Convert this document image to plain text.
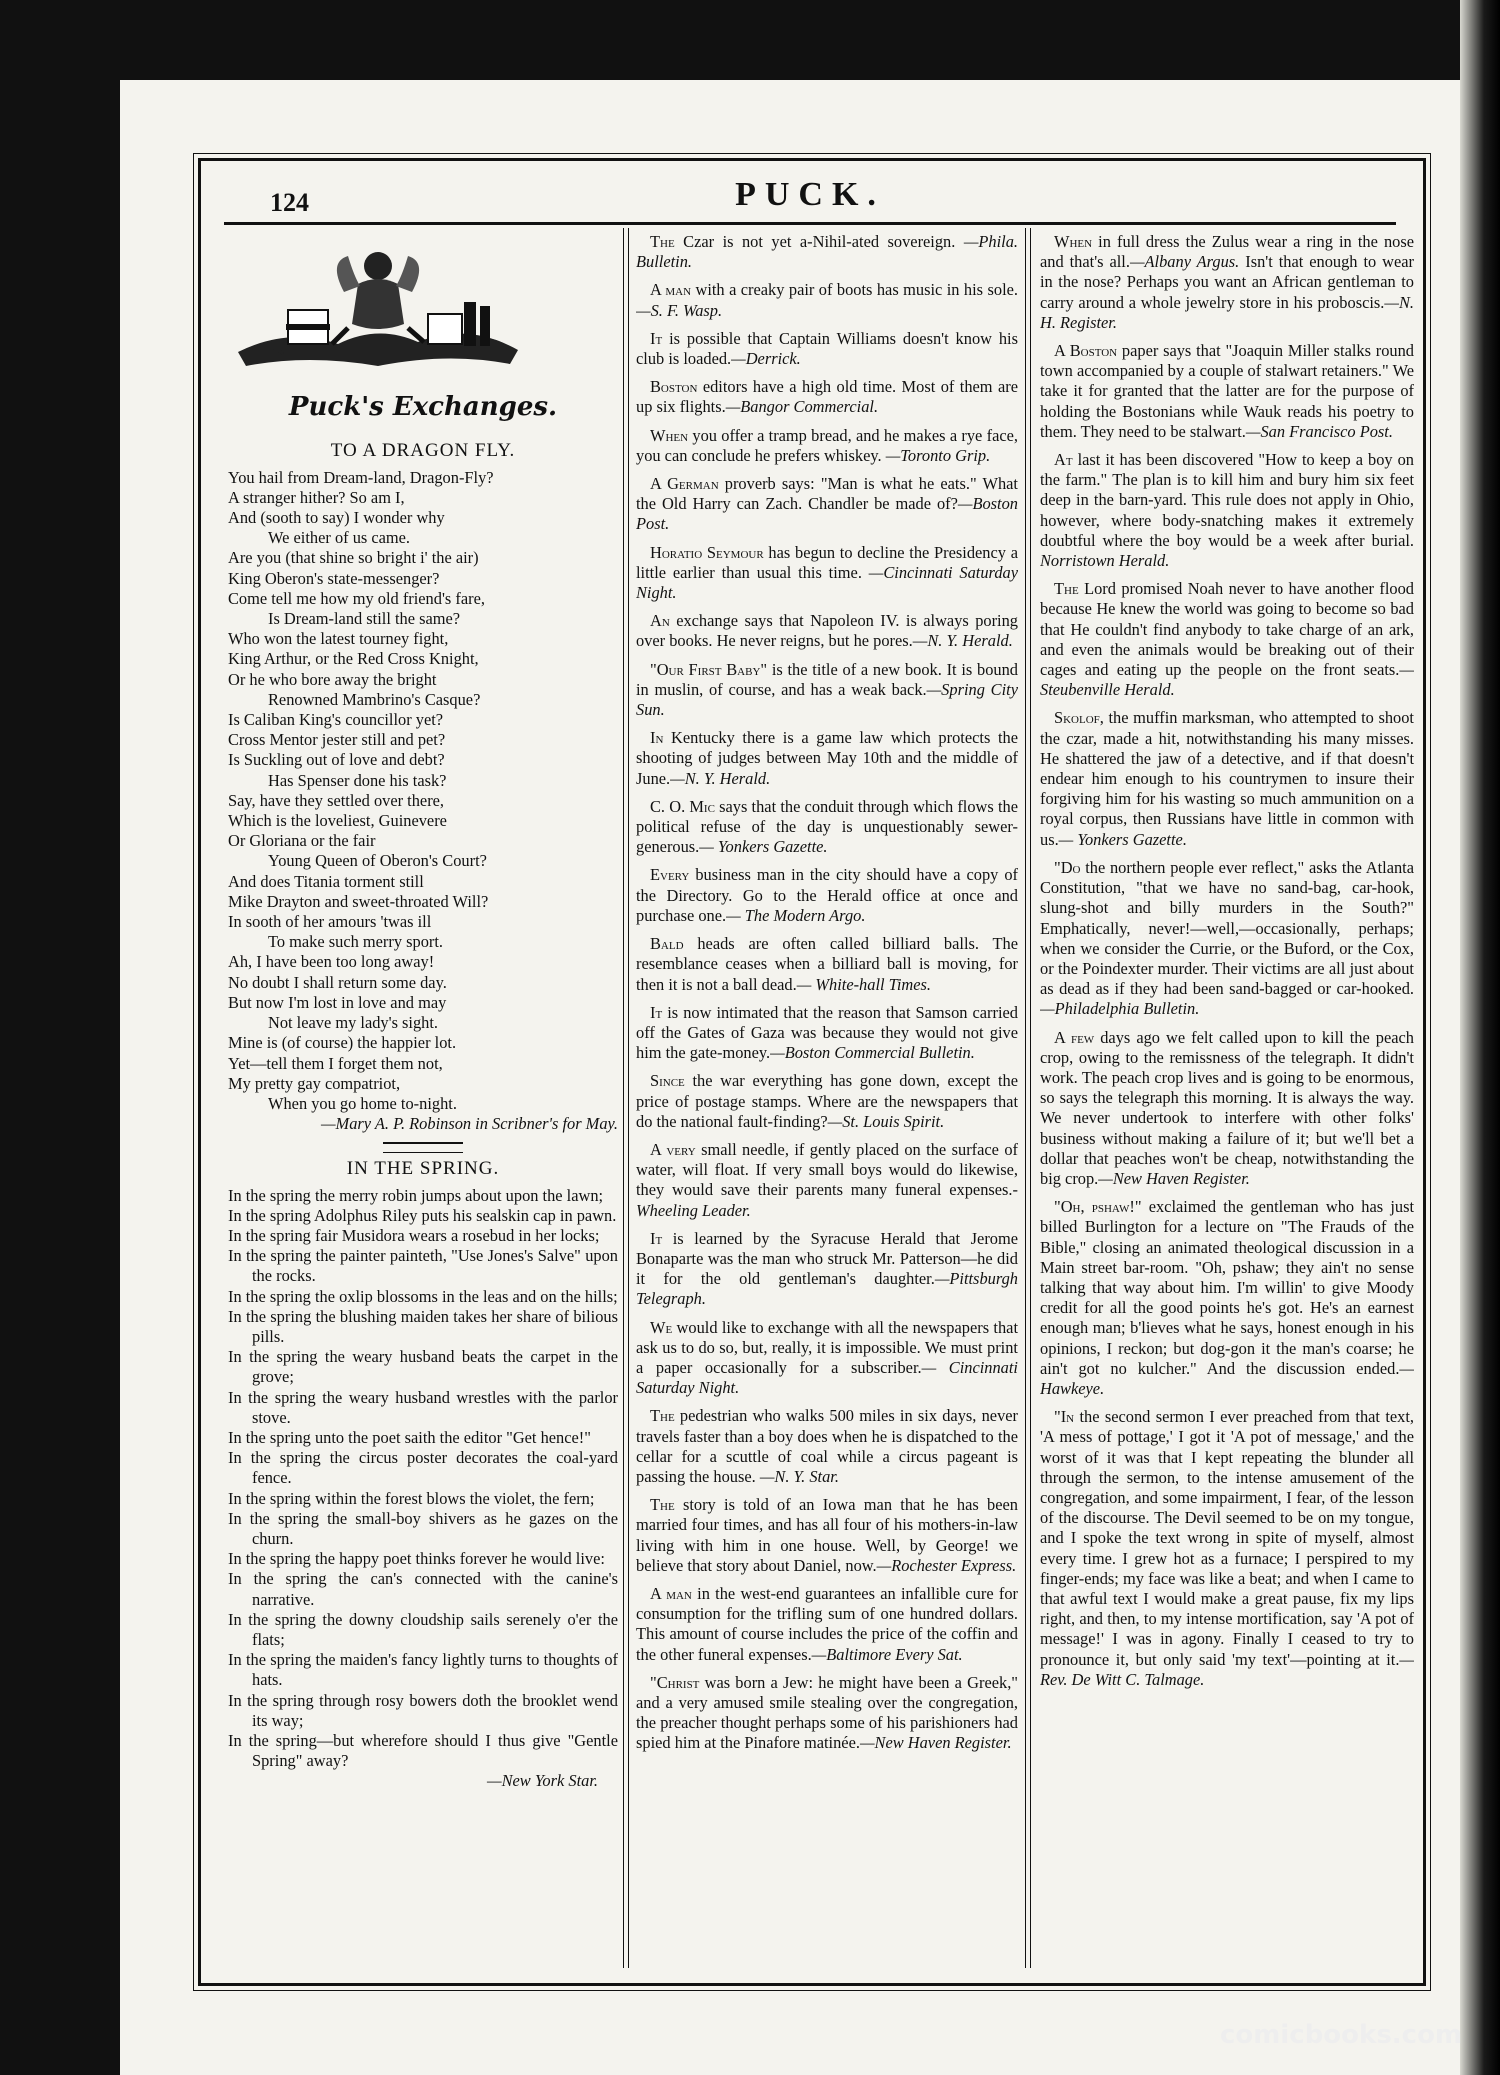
124	PUCK.
Puck's Exchanges.
TO A DRAGON FLY.
You hail from Dream-land, Dragon-Fly?
A stranger hither? So am I,
And (sooth to say) I wonder why
We either of us came.
Are you (that shine so bright i' the air)
King Oberon's state-messenger?
Come tell me how my old friend's fare,
Is Dream-land still the same?
Who won the latest tourney fight,
King Arthur, or the Red Cross Knight,
Or he who bore away the bright
Renowned Mambrino's Casque?
Is Caliban King's councillor yet?
Cross Mentor jester still and pet?
Is Suckling out of love and debt?
Has Spenser done his task?
Say, have they settled over there,
Which is the loveliest, Guinevere
Or Gloriana or the fair
Young Queen of Oberon's Court?
And does Titania torment still
Mike Drayton and sweet-throated Will?
In sooth of her amours 'twas ill
To make such merry sport.
Ah, I have been too long away!
No doubt I shall return some day.
But now I'm lost in love and may
Not leave my lady's sight.
Mine is (of course) the happier lot.
Yet—tell them I forget them not,
My pretty gay compatriot,
When you go home to-night.
—Mary A. P. Robinson in Scribner's for May.
IN THE SPRING.
In the spring the merry robin jumps about upon the lawn;
In the spring Adolphus Riley puts his sealskin cap in pawn.
In the spring fair Musidora wears a rosebud in her locks;
In the spring the painter painteth, "Use Jones's Salve" upon the rocks.
In the spring the oxlip blossoms in the leas and on the hills;
In the spring the blushing maiden takes her share of bilious pills.
In the spring the weary husband beats the carpet in the grove;
In the spring the weary husband wrestles with the parlor stove.
In the spring unto the poet saith the editor "Get hence!"
In the spring the circus poster decorates the coal-yard fence.
In the spring within the forest blows the violet, the fern;
In the spring the small-boy shivers as he gazes on the churn.
In the spring the happy poet thinks forever he would live:
In the spring the can's connected with the canine's narrative.
In the spring the downy cloudship sails serenely o'er the flats;
In the spring the maiden's fancy lightly turns to thoughts of hats.
In the spring through rosy bowers doth the brooklet wend its way;
In the spring—but wherefore should I thus give "Gentle Spring" away?
—New York Star.
The Czar is not yet a-Nihil-ated sovereign. —Phila. Bulletin.
A man with a creaky pair of boots has music in his sole.—S. F. Wasp.
It is possible that Captain Williams doesn't know his club is loaded.—Derrick.
Boston editors have a high old time. Most of them are up six flights.—Bangor Commercial.
When you offer a tramp bread, and he makes a rye face, you can conclude he prefers whiskey. —Toronto Grip.
A German proverb says: "Man is what he eats." What the Old Harry can Zach. Chandler be made of?—Boston Post.
Horatio Seymour has begun to decline the Presidency a little earlier than usual this time. —Cincinnati Saturday Night.
An exchange says that Napoleon IV. is always poring over books. He never reigns, but he pores.—N. Y. Herald.
"Our First Baby" is the title of a new book. It is bound in muslin, of course, and has a weak back.—Spring City Sun.
In Kentucky there is a game law which protects the shooting of judges between May 10th and the middle of June.—N. Y. Herald.
C. O. Mic says that the conduit through which flows the political refuse of the day is unquestionably sewer-generous.— Yonkers Gazette.
Every business man in the city should have a copy of the Directory. Go to the Herald office at once and purchase one.— The Modern Argo.
Bald heads are often called billiard balls. The resemblance ceases when a billiard ball is moving, for then it is not a ball dead.— White-hall Times.
It is now intimated that the reason that Samson carried off the Gates of Gaza was because they would not give him the gate-money.—Boston Commercial Bulletin.
Since the war everything has gone down, except the price of postage stamps. Where are the newspapers that do the national fault-finding?—St. Louis Spirit.
A very small needle, if gently placed on the surface of water, will float. If very small boys would do likewise, they would save their parents many funeral expenses.- Wheeling Leader.
It is learned by the Syracuse Herald that Jerome Bonaparte was the man who struck Mr. Patterson—he did it for the old gentleman's daughter.—Pittsburgh Telegraph.
We would like to exchange with all the newspapers that ask us to do so, but, really, it is impossible. We must print a paper occasionally for a subscriber.— Cincinnati Saturday Night.
The pedestrian who walks 500 miles in six days, never travels faster than a boy does when he is dispatched to the cellar for a scuttle of coal while a circus pageant is passing the house. —N. Y. Star.
The story is told of an Iowa man that he has been married four times, and has all four of his mothers-in-law living with him in one house. Well, by George! we believe that story about Daniel, now.—Rochester Express.
A man in the west-end guarantees an infallible cure for consumption for the trifling sum of one hundred dollars. This amount of course includes the price of the coffin and the other funeral expenses.—Baltimore Every Sat.
"Christ was born a Jew: he might have been a Greek," and a very amused smile stealing over the congregation, the preacher thought perhaps some of his parishioners had spied him at the Pinafore matinée.—New Haven Register.
When in full dress the Zulus wear a ring in the nose and that's all.—Albany Argus. Isn't that enough to wear in the nose? Perhaps you want an African gentleman to carry around a whole jewelry store in his proboscis.—N. H. Register.
A Boston paper says that "Joaquin Miller stalks round town accompanied by a couple of stalwart retainers." We take it for granted that the latter are for the purpose of holding the Bostonians while Wauk reads his poetry to them. They need to be stalwart.—San Francisco Post.
At last it has been discovered "How to keep a boy on the farm." The plan is to kill him and bury him six feet deep in the barn-yard. This rule does not apply in Ohio, however, where body-snatching makes it extremely doubtful where the boy would be a week after burial. Norristown Herald.
The Lord promised Noah never to have another flood because He knew the world was going to become so bad that He couldn't find anybody to take charge of an ark, and even the animals would be breaking out of their cages and eating up the people on the front seats.—Steubenville Herald.
Skolof, the muffin marksman, who attempted to shoot the czar, made a hit, notwithstanding his many misses. He shattered the jaw of a detective, and if that doesn't endear him enough to his countrymen to insure their forgiving him for his wasting so much ammunition on a royal corpus, then Russians have little in common with us.— Yonkers Gazette.
"Do the northern people ever reflect," asks the Atlanta Constitution, "that we have no sand-bag, car-hook, slung-shot and billy murders in the South?" Emphatically, never!—well,—occasionally, perhaps; when we consider the Currie, or the Buford, or the Cox, or the Poindexter murder. Their victims are all just about as dead as if they had been sand-bagged or car-hooked.—Philadelphia Bulletin.
A few days ago we felt called upon to kill the peach crop, owing to the remissness of the telegraph. It didn't work. The peach crop lives and is going to be enormous, so says the telegraph this morning. It is always the way. We never undertook to interfere with other folks' business without making a failure of it; but we'll bet a dollar that peaches won't be cheap, notwithstanding the big crop.—New Haven Register.
"Oh, pshaw!" exclaimed the gentleman who has just billed Burlington for a lecture on "The Frauds of the Bible," closing an animated theological discussion in a Main street bar-room. "Oh, pshaw; they ain't no sense talking that way about him. I'm willin' to give Moody credit for all the good points he's got. He's an earnest enough man; b'lieves what he says, honest enough in his opinions, I reckon; but dog-gon it the man's coarse; he ain't got no kulcher." And the discussion ended.—Hawkeye.
"In the second sermon I ever preached from that text, 'A mess of pottage,' I got it 'A pot of message,' and the worst of it was that I kept repeating the blunder all through the sermon, to the intense amusement of the congregation, and some impairment, I fear, of the lesson of the discourse. The Devil seemed to be on my tongue, and I spoke the text wrong in spite of myself, almost every time. I grew hot as a furnace; I perspired to my finger-ends; my face was like a beat; and when I came to that awful text I would make a great pause, fix my lips right, and then, to my intense mortification, say 'A pot of message!' I was in agony. Finally I ceased to try to pronounce it, but only said 'my text'—pointing at it.—Rev. De Witt C. Talmage.
comicbooks.com
